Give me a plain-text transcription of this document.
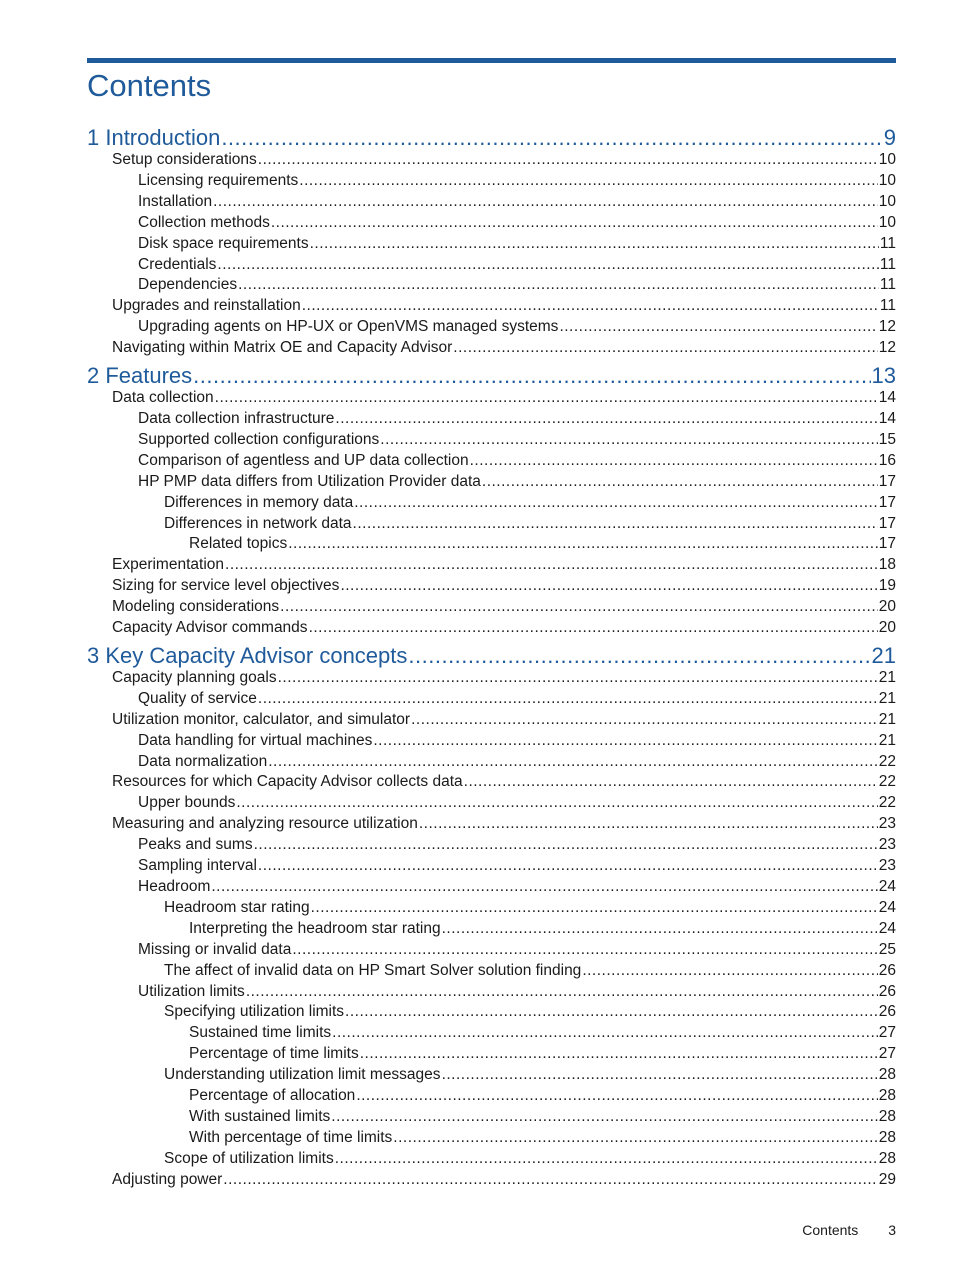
Contents
1 Introduction .....	9
Setup considerations .....	10
Licensing requirements .....	10
Installation .....	10
Collection methods .....	10
Disk space requirements .....	11
Credentials .....	11
Dependencies .....	11
Upgrades and reinstallation .....	11
Upgrading agents on HP-UX or OpenVMS managed systems .....	12
Navigating within Matrix OE and Capacity Advisor .....	12
2 Features .....	13
Data collection .....	14
Data collection infrastructure .....	14
Supported collection configurations .....	15
Comparison of agentless and UP data collection .....	16
HP PMP data differs from Utilization Provider data .....	17
Differences in memory data .....	17
Differences in network data .....	17
Related topics .....	17
Experimentation .....	18
Sizing for service level objectives .....	19
Modeling considerations .....	20
Capacity Advisor commands .....	20
3 Key Capacity Advisor concepts .....	21
Capacity planning goals .....	21
Quality of service .....	21
Utilization monitor, calculator, and simulator .....	21
Data handling for virtual machines .....	21
Data normalization .....	22
Resources for which Capacity Advisor collects data .....	22
Upper bounds .....	22
Measuring and analyzing resource utilization .....	23
Peaks and sums .....	23
Sampling interval .....	23
Headroom .....	24
Headroom star rating .....	24
Interpreting the headroom star rating .....	24
Missing or invalid data .....	25
The affect of invalid data on HP Smart Solver solution finding .....	26
Utilization limits .....	26
Specifying utilization limits .....	26
Sustained time limits .....	27
Percentage of time limits .....	27
Understanding utilization limit messages .....	28
Percentage of allocation .....	28
With sustained limits .....	28
With percentage of time limits .....	28
Scope of utilization limits .....	28
Adjusting power .....	29
Contents 3
